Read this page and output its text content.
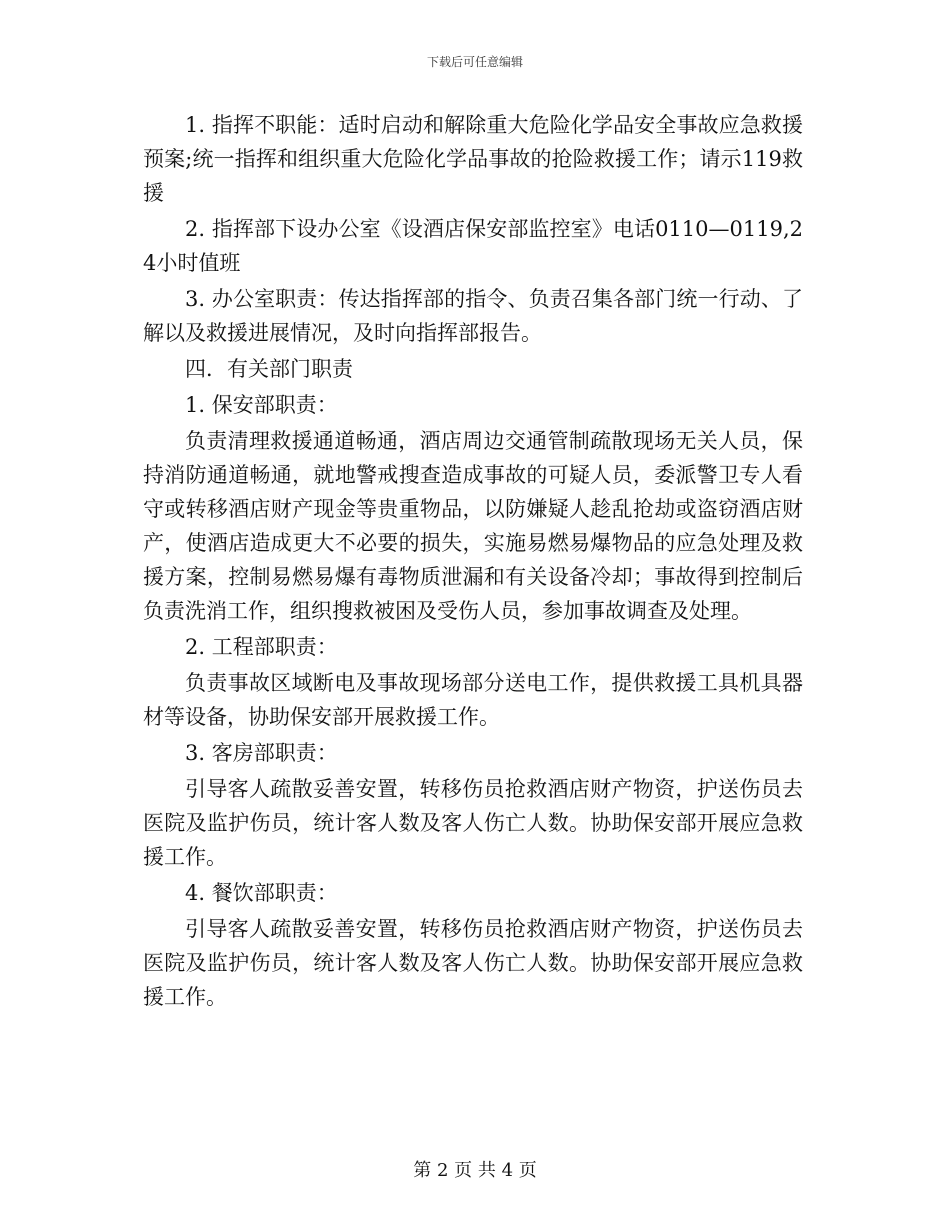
下载后可任意编辑

1. 指挥不职能：适时启动和解除重大危险化学品安全事故应急救援预案;统一指挥和组织重大危险化学品事故的抢险救援工作；请示119救援

2. 指挥部下设办公室《设酒店保安部监控室》电话0110—0119,24小时值班

3. 办公室职责：传达指挥部的指令、负责召集各部门统一行动、了解以及救援进展情况，及时向指挥部报告。

四．有关部门职责

1. 保安部职责：

负责清理救援通道畅通，酒店周边交通管制疏散现场无关人员，保持消防通道畅通，就地警戒搜查造成事故的可疑人员，委派警卫专人看守或转移酒店财产现金等贵重物品，以防嫌疑人趁乱抢劫或盗窃酒店财产，使酒店造成更大不必要的损失，实施易燃易爆物品的应急处理及救援方案，控制易燃易爆有毒物质泄漏和有关设备冷却；事故得到控制后负责洗消工作，组织搜救被困及受伤人员，参加事故调查及处理。

2. 工程部职责：

负责事故区域断电及事故现场部分送电工作，提供救援工具机具器材等设备，协助保安部开展救援工作。

3. 客房部职责：

引导客人疏散妥善安置，转移伤员抢救酒店财产物资，护送伤员去医院及监护伤员，统计客人数及客人伤亡人数。协助保安部开展应急救援工作。

4. 餐饮部职责：

引导客人疏散妥善安置，转移伤员抢救酒店财产物资，护送伤员去医院及监护伤员，统计客人数及客人伤亡人数。协助保安部开展应急救援工作。

第 2 页 共 4 页
